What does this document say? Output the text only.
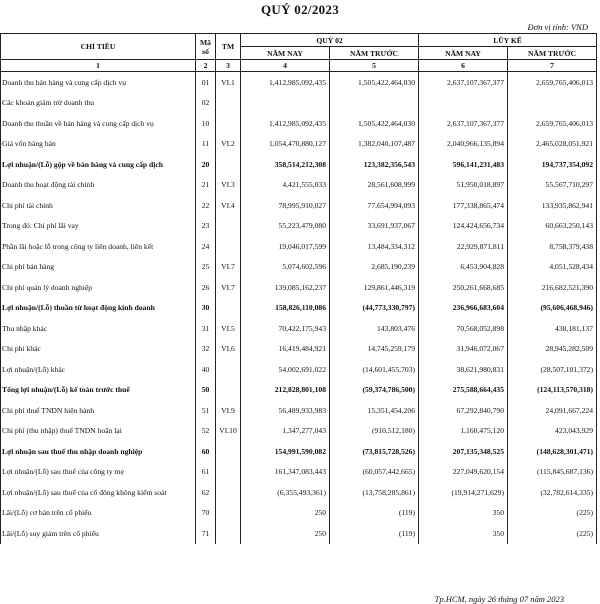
QUÝ 02/2023
Đơn vị tính: VND
CHỈ TIÊU	Mã số	TM	QUÝ 02		LŨY KẾ	
			NĂM NAY	NĂM TRƯỚC	NĂM NAY	NĂM TRƯỚC
1	2	3	4	5	6	7

Doanh thu bán hàng và cung cấp dịch vụ	01	VI.1	1,412,985,092,435	1,505,422,464,030	2,637,107,367,377	2,659,765,406,013

Các khoản giảm trừ doanh thu	02					

Doanh thu thuần về bán hàng và cung cấp dịch vụ	10		1,412,985,092,435	1,505,422,464,030	2,637,107,367,377	2,659,765,406,013

Giá vốn hàng bán	11	VI.2	1,054,470,880,127	1,382,040,107,487	2,040,966,135,894	2,465,028,051,921

Lợi nhuận/(Lỗ) gộp về bán hàng và cung cấp dịch	20		358,514,212,308	123,382,356,543	596,141,231,483	194,737,354,092

Doanh thu hoạt động tài chính	21	VI.3	4,421,555,033	28,561,608,999	51,950,018,897	55,567,710,297

Chi phí tài chính	22	VI.4	78,995,910,027	77,654,994,093	177,338,865,474	133,935,862,941

Trong đó: Chi phí lãi vay	23		55,223,479,080	33,691,937,067	124,424,656,734	60,663,250,143

Phần lãi hoặc lỗ trong công ty liên doanh, liên kết	24		19,046,017,599	13,484,334,312	22,929,871,811	8,758,379,438

Chi phí bán hàng	25	VI.7	5,074,602,596	2,685,190,239	6,453,904,828	4,051,528,434

Chi phí quản lý doanh nghiệp	26	VI.7	139,085,162,237	129,861,446,319	250,261,668,685	216,682,521,390

Lợi nhuận/(Lỗ) thuần từ hoạt động kinh doanh	30		158,826,110,086	(44,773,330,797)	236,966,683,604	(95,606,468,946)

Thu nhập khác	31	VI.5	70,422,175,943	143,803,476	70,568,052,898	438,181,137

Chi phí khác	32	VI.6	16,419,484,921	14,745,259,179	31,946,072,067	28,945,282,509

Lợi nhuận/(Lỗ) khác	40		54,002,691,022	(14,601,455,703)	38,621,980,831	(28,507,101,372)

Tổng lợi nhuận/(Lỗ) kế toán trước thuế	50		212,828,801,108	(59,374,786,500)	275,588,664,435	(124,113,570,318)

Chi phí thuế TNDN hiện hành	51	VI.9	56,489,933,983	15,351,454,206	67,292,840,790	24,091,667,224

Chi phí (thu nhập) thuế TNDN hoãn lại	52	VI.10	1,347,277,043	(910,512,180)	1,160,475,120	423,043,929

Lợi nhuận sau thuế thu nhập doanh nghiệp	60		154,991,590,082	(73,815,728,526)	207,135,348,525	(148,628,301,471)

Lợi nhuận/(Lỗ) sau thuế của công ty mẹ	61		161,347,083,443	(60,057,442,665)	227,049,620,154	(115,845,687,136)

Lợi nhuận/(Lỗ) sau thuế của cổ đông không kiểm soát	62		(6,355,493,361)	(13,758,285,861)	(19,914,271,629)	(32,782,614,335)

Lãi/(Lỗ) cơ bản trên cổ phiếu	70		250	(119)	350	(225)

Lãi/(Lỗ) suy giảm trên cổ phiếu	71		250	(119)	350	(225)
Tp.HCM, ngày 26 tháng 07 năm 2023
